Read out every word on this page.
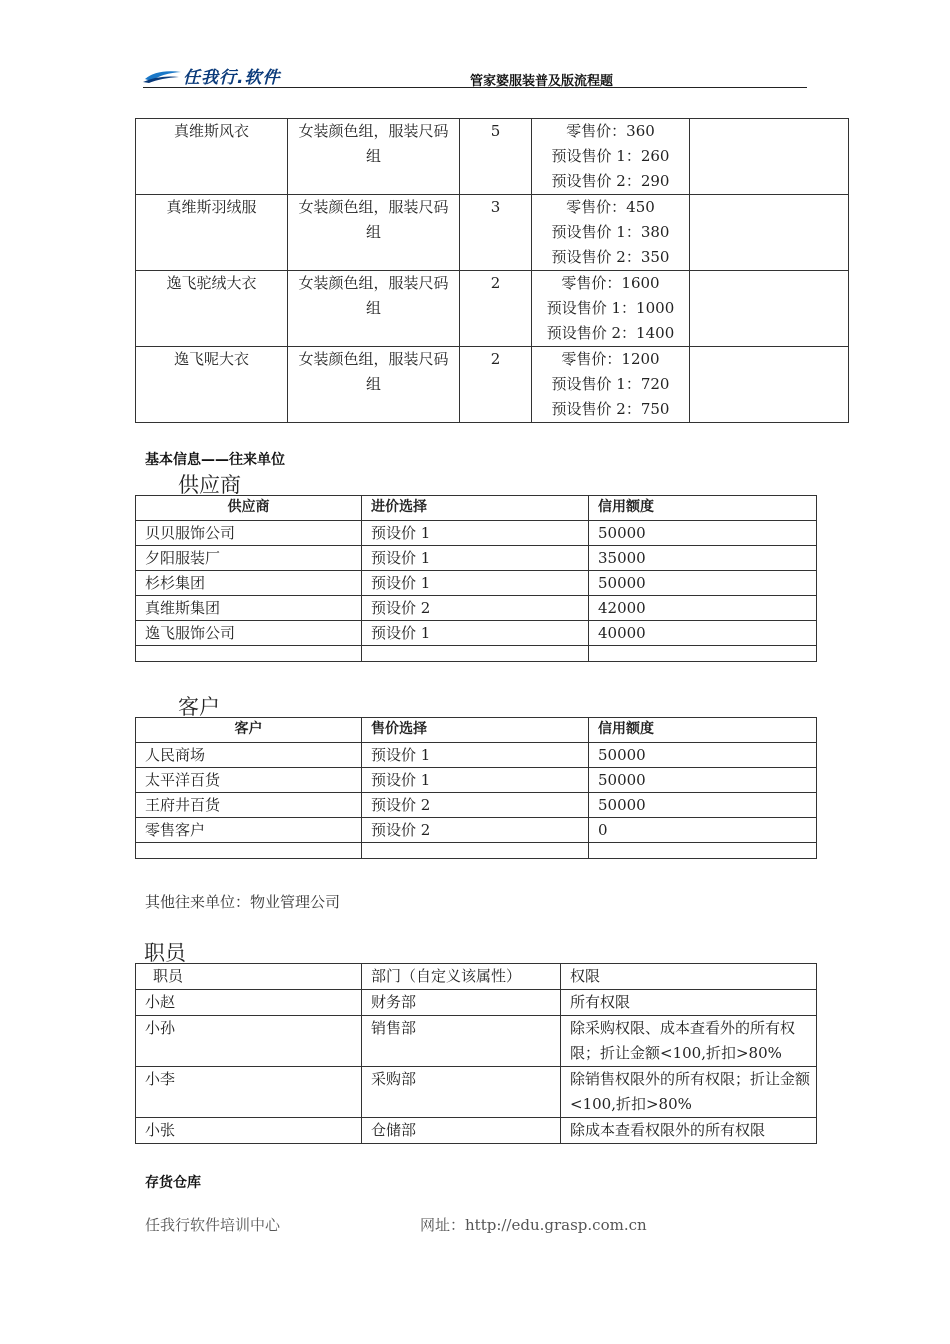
任我行.软件	管家婆服装普及版流程题
真维斯风衣	女装颜色组，服装尺码组	5	零售价：360
预设售价 1：260
预设售价 2：290	

真维斯羽绒服	女装颜色组，服装尺码组	3	零售价：450
预设售价 1：380
预设售价 2：350	

逸飞驼绒大衣	女装颜色组，服装尺码组	2	零售价：1600
预设售价 1：1000
预设售价 2：1400	

逸飞呢大衣	女装颜色组，服装尺码组	2	零售价：1200
预设售价 1：720
预设售价 2：750	

基本信息——往来单位
供应商
供应商	进价选择	信用额度
贝贝服饰公司	预设价 1	50000
夕阳服装厂	预设价 1	35000
杉杉集团	预设价 1	50000
真维斯集团	预设价 2	42000
逸飞服饰公司	预设价 1	40000

客户
客户	售价选择	信用额度
人民商场	预设价 1	50000
太平洋百货	预设价 1	50000
王府井百货	预设价 2	50000
零售客户	预设价 2	0

其他往来单位：物业管理公司
职员
职员	部门（自定义该属性）	权限
小赵	财务部	所有权限
小孙	销售部	除采购权限、成本查看外的所有权限；折让金额<100,折扣>80%
小李	采购部	除销售权限外的所有权限；折让金额<100,折扣>80%
小张	仓储部	除成本查看权限外的所有权限
存货仓库
任我行软件培训中心	网址：http://edu.grasp.com.cn
